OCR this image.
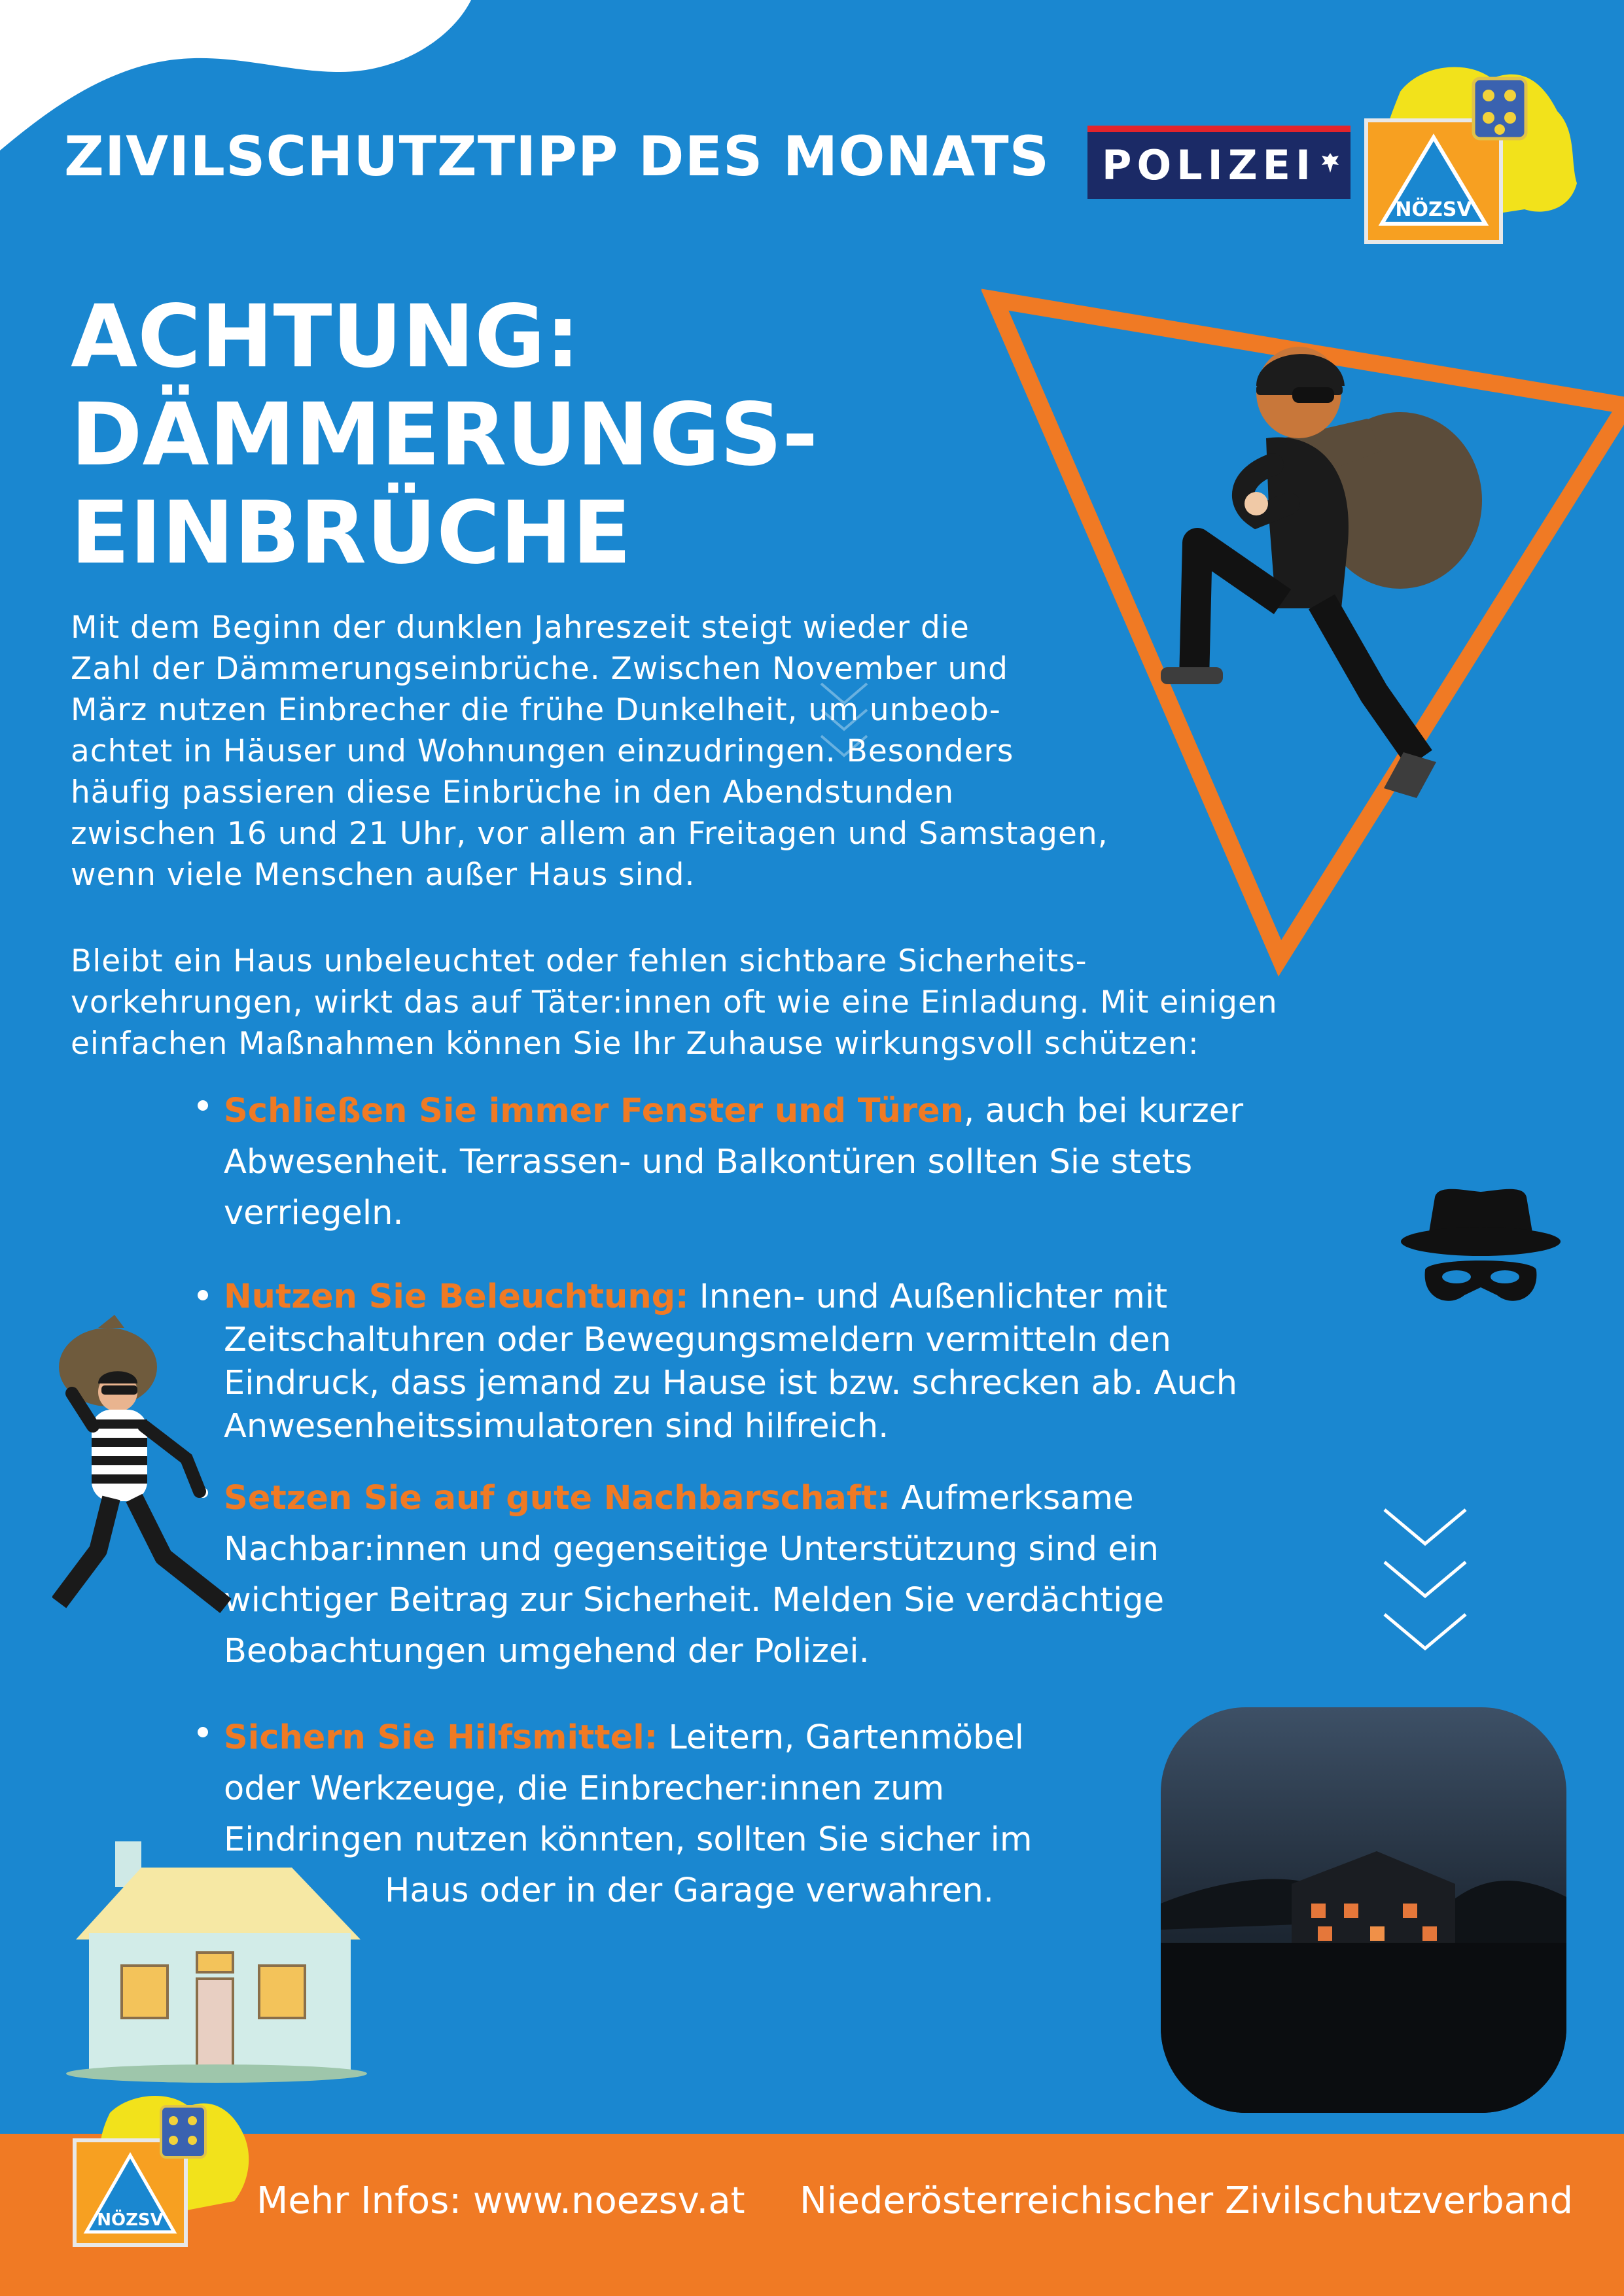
ZIVILSCHUTZTIPP DES MONATS POLIZEI
NÖZSV
ACHTUNG:
DÄMMERUNGS-
EINBRÜCHE
Mit dem Beginn der dunklen Jahreszeit steigt wieder die
Zahl der Dämmerungseinbrüche. Zwischen November und
März nutzen Einbrecher die frühe Dunkelheit, um unbeob-
achtet in Häuser und Wohnungen einzudringen. Besonders
häufig passieren diese Einbrüche in den Abendstunden
zwischen 16 und 21 Uhr, vor allem an Freitagen und Samstagen,
wenn viele Menschen außer Haus sind.
Bleibt ein Haus unbeleuchtet oder fehlen sichtbare Sicherheits-
vorkehrungen, wirkt das auf Täter:innen oft wie eine Einladung. Mit einigen
einfachen Maßnahmen können Sie Ihr Zuhause wirkungsvoll schützen:
Schließen Sie immer Fenster und Türen, auch bei kurzer
Abwesenheit. Terrassen- und Balkontüren sollten Sie stets
verriegeln.
Nutzen Sie Beleuchtung: Innen- und Außenlichter mit
Zeitschaltuhren oder Bewegungsmeldern vermitteln den
Eindruck, dass jemand zu Hause ist bzw. schrecken ab. Auch
Anwesenheitssimulatoren sind hilfreich.
Setzen Sie auf gute Nachbarschaft: Aufmerksame
Nachbar:innen und gegenseitige Unterstützung sind ein
wichtiger Beitrag zur Sicherheit. Melden Sie verdächtige
Beobachtungen umgehend der Polizei.
Sichern Sie Hilfsmittel: Leitern, Gartenmöbel
oder Werkzeuge, die Einbrecher:innen zum
Eindringen nutzen könnten, sollten Sie sicher im
Haus oder in der Garage verwahren.
Mehr Infos: www.noezsv.at Niederösterreichischer Zivilschutzverband
NÖZSV
